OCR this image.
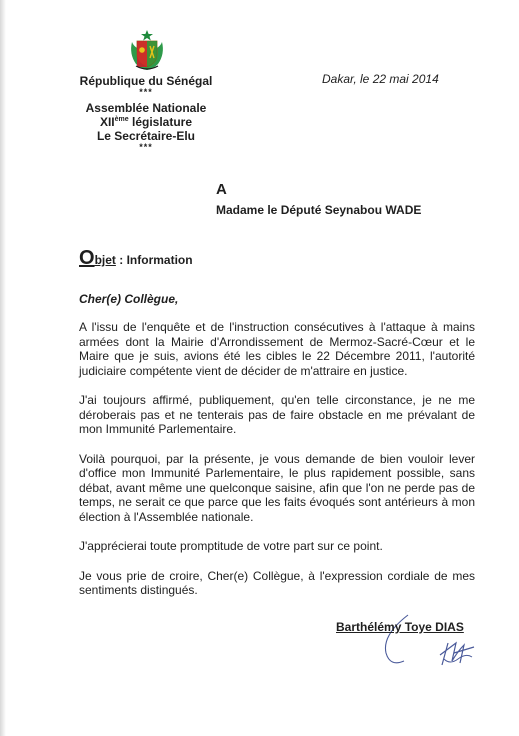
République du Sénégal
***
Assemblée Nationale
XIIème législature
Le Secrétaire-Elu
***
Dakar, le 22 mai 2014
A
Madame le Député Seynabou WADE
Objet : Information
Cher(e) Collègue,

A l'issu de l'enquête et de l'instruction consécutives à l'attaque à mains armées dont la Mairie d'Arrondissement de Mermoz-Sacré-Cœur et le Maire que je suis, avions été les cibles le 22 Décembre 2011, l'autorité judiciaire compétente vient de décider de m'attraire en justice.

J'ai toujours affirmé, publiquement, qu'en telle circonstance, je ne me déroberais pas et ne tenterais pas de faire obstacle en me prévalant de mon Immunité Parlementaire.

Voilà pourquoi, par la présente, je vous demande de bien vouloir lever d'office mon Immunité Parlementaire, le plus rapidement possible, sans débat, avant même une quelconque saisine, afin que l'on ne perde pas de temps, ne serait ce que parce que les faits évoqués sont antérieurs à mon élection à l'Assemblée nationale.

J'apprécierai toute promptitude de votre part sur ce point.

Je vous prie de croire, Cher(e) Collègue, à l'expression cordiale de mes sentiments distingués.

Barthélémy Toye DIAS
